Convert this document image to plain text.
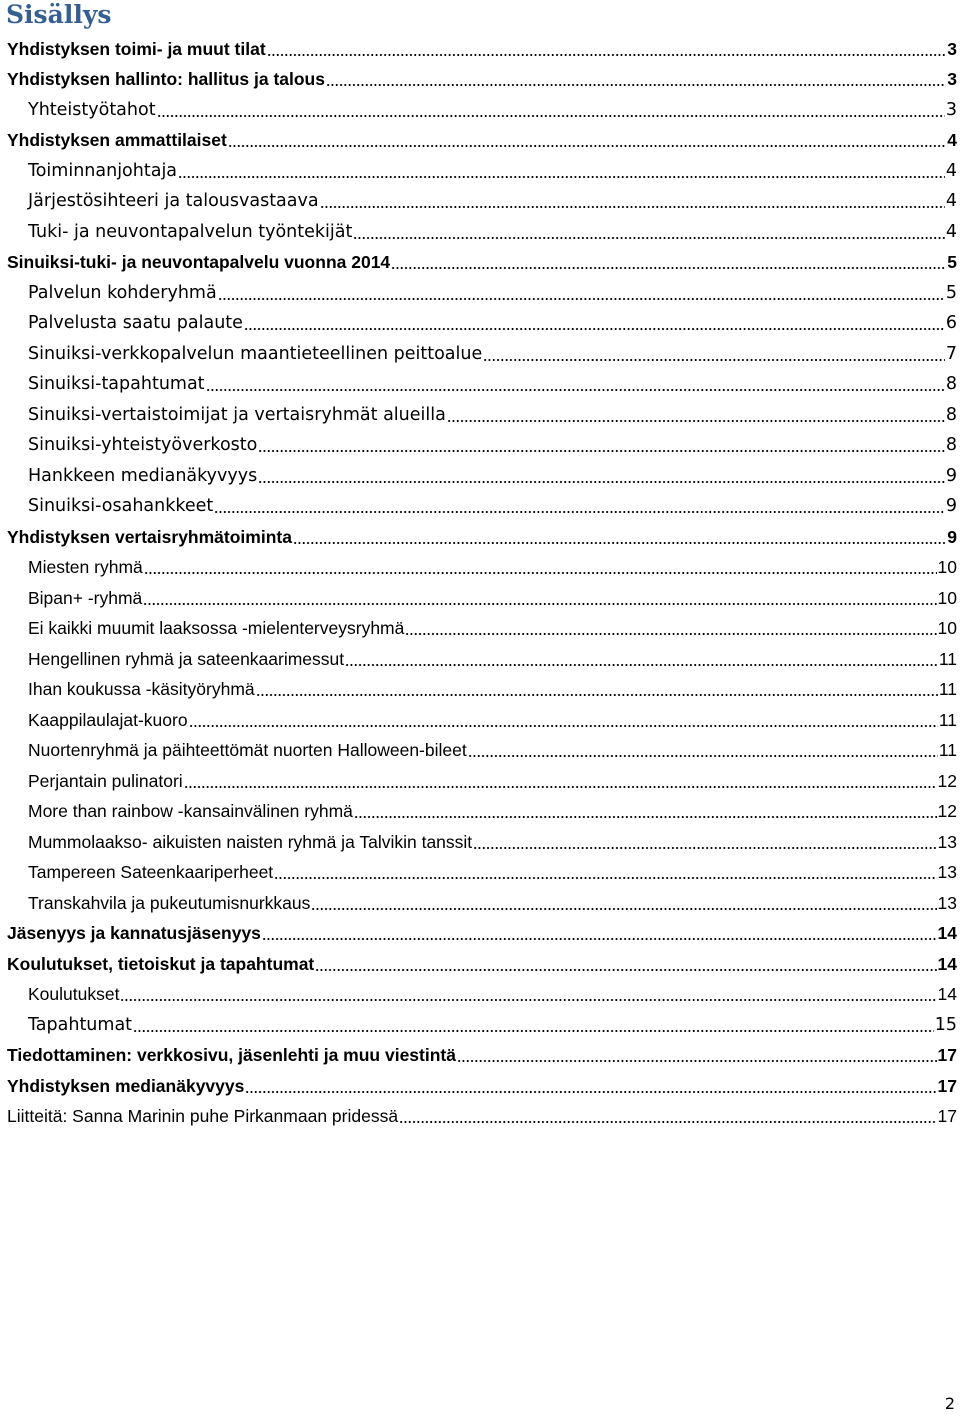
Sisällys
Yhdistyksen toimi- ja muut tilat	3
Yhdistyksen hallinto: hallitus ja talous	3
Yhteistyötahot	3
Yhdistyksen ammattilaiset	4
Toiminnanjohtaja	4
Järjestösihteeri ja talousvastaava	4
Tuki- ja neuvontapalvelun työntekijät	4
Sinuiksi-tuki- ja neuvontapalvelu vuonna 2014	5
Palvelun kohderyhmä	5
Palvelusta saatu palaute	6
Sinuiksi-verkkopalvelun maantieteellinen peittoalue	7
Sinuiksi-tapahtumat	8
Sinuiksi-vertaistoimijat ja vertaisryhmät alueilla	8
Sinuiksi-yhteistyöverkosto	8
Hankkeen medianäkyvyys	9
Sinuiksi-osahankkeet	9
Yhdistyksen vertaisryhmätoiminta	9
Miesten ryhmä	10
Bipan+ -ryhmä	10
Ei kaikki muumit laaksossa -mielenterveysryhmä	10
Hengellinen ryhmä ja sateenkaarimessut	11
Ihan koukussa -käsityöryhmä	11
Kaappilaulajat-kuoro	11
Nuortenryhmä ja päihteettömät nuorten Halloween-bileet	11
Perjantain pulinatori	12
More than rainbow -kansainvälinen ryhmä	12
Mummolaakso- aikuisten naisten ryhmä ja Talvikin tanssit	13
Tampereen Sateenkaariperheet	13
Transkahvila ja pukeutumisnurkkaus	13
Jäsenyys ja kannatusjäsenyys	14
Koulutukset, tietoiskut ja tapahtumat	14
Koulutukset	14
Tapahtumat	15
Tiedottaminen: verkkosivu, jäsenlehti ja muu viestintä	17
Yhdistyksen medianäkyvyys	17
Liitteitä: Sanna Marinin puhe Pirkanmaan pridessä	17
2
